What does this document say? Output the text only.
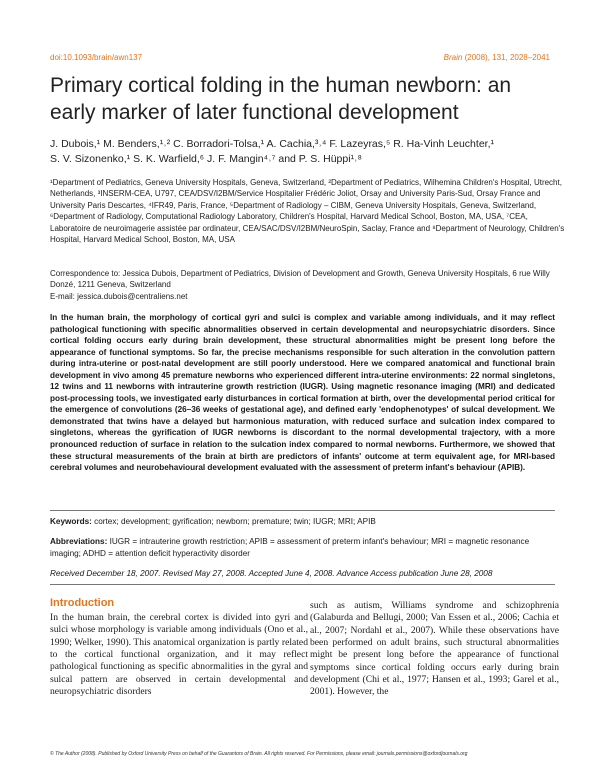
doi:10.1093/brain/awn137	Brain (2008), 131, 2028–2041
Primary cortical folding in the human newborn: an early marker of later functional development
J. Dubois,¹ M. Benders,¹˒² C. Borradori-Tolsa,¹ A. Cachia,³˒⁴ F. Lazeyras,⁵ R. Ha-Vinh Leuchter,¹
S. V. Sizonenko,¹ S. K. Warfield,⁶ J. F. Mangin⁴˒⁷ and P. S. Hüppi¹˒⁸
¹Department of Pediatrics, Geneva University Hospitals, Geneva, Switzerland, ²Department of Pediatrics, Wilhemina Children's Hospital, Utrecht, Netherlands, ³INSERM-CEA, U797, CEA/DSV/I2BM/Service Hospitalier Frédéric Joliot, Orsay and University Paris-Sud, Orsay France and University Paris Descartes, ⁴IFR49, Paris, France, ⁵Department of Radiology – CIBM, Geneva University Hospitals, Geneva, Switzerland, ⁶Department of Radiology, Computational Radiology Laboratory, Children's Hospital, Harvard Medical School, Boston, MA, USA, ⁷CEA, Laboratoire de neuroimagerie assistée par ordinateur, CEA/SAC/DSV/I2BM/NeuroSpin, Saclay, France and ⁸Department of Neurology, Children's Hospital, Harvard Medical School, Boston, MA, USA
Correspondence to: Jessica Dubois, Department of Pediatrics, Division of Development and Growth, Geneva University Hospitals, 6 rue Willy Donzé, 1211 Geneva, Switzerland
E-mail: jessica.dubois@centraliens.net
In the human brain, the morphology of cortical gyri and sulci is complex and variable among individuals, and it may reflect pathological functioning with specific abnormalities observed in certain developmental and neuropsychiatric disorders. Since cortical folding occurs early during brain development, these structural abnormalities might be present long before the appearance of functional symptoms. So far, the precise mechanisms responsible for such alteration in the convolution pattern during intra-uterine or post-natal development are still poorly understood. Here we compared anatomical and functional brain development in vivo among 45 premature newborns who experienced different intra-uterine environments: 22 normal singletons, 12 twins and 11 newborns with intrauterine growth restriction (IUGR). Using magnetic resonance imaging (MRI) and dedicated post-processing tools, we investigated early disturbances in cortical formation at birth, over the developmental period critical for the emergence of convolutions (26–36 weeks of gestational age), and defined early 'endophenotypes' of sulcal development. We demonstrated that twins have a delayed but harmonious maturation, with reduced surface and sulcation index compared to singletons, whereas the gyrification of IUGR newborns is discordant to the normal developmental trajectory, with a more pronounced reduction of surface in relation to the sulcation index compared to normal newborns. Furthermore, we showed that these structural measurements of the brain at birth are predictors of infants' outcome at term equivalent age, for MRI-based cerebral volumes and neurobehavioural development evaluated with the assessment of preterm infant's behaviour (APIB).
Keywords: cortex; development; gyrification; newborn; premature; twin; IUGR; MRI; APIB
Abbreviations: IUGR = intrauterine growth restriction; APIB = assessment of preterm infant's behaviour; MRI = magnetic resonance imaging; ADHD = attention deficit hyperactivity disorder
Received December 18, 2007. Revised May 27, 2008. Accepted June 4, 2008. Advance Access publication June 28, 2008
Introduction
In the human brain, the cerebral cortex is divided into gyri and sulci whose morphology is variable among individuals (Ono et al., 1990; Welker, 1990). This anatomical organization is partly related to the cortical functional organization, and it may reflect pathological functioning as specific abnormalities in the gyral and sulcal pattern are observed in certain developmental and neuropsychiatric disorders
such as autism, Williams syndrome and schizophrenia (Galaburda and Bellugi, 2000; Van Essen et al., 2006; Cachia et al., 2007; Nordahl et al., 2007). While these observations have been performed on adult brains, such structural abnormalities might be present long before the appearance of functional symptoms since cortical folding occurs early during brain development (Chi et al., 1977; Hansen et al., 1993; Garel et al., 2001). However, the
© The Author (2008). Published by Oxford University Press on behalf of the Guarantors of Brain. All rights reserved. For Permissions, please email: journals.permissions@oxfordjournals.org
